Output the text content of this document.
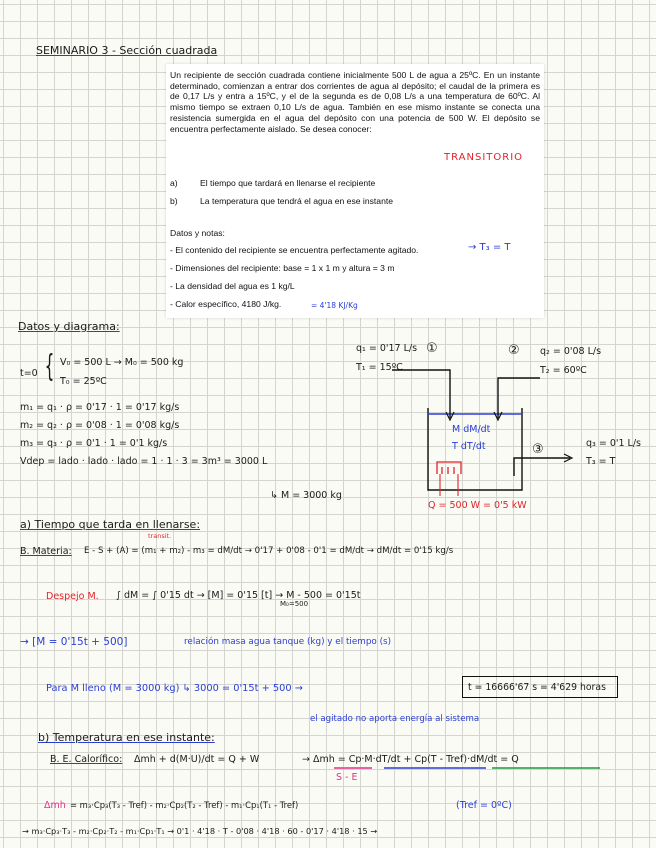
SEMINARIO 3 - Sección cuadrada
Un recipiente de sección cuadrada contiene inicialmente 500 L de agua a 25ºC. En un instante determinado, comienzan a entrar dos corrientes de agua al depósito; el caudal de la primera es de 0,17 L/s y entra a 15ºC, y el de la segunda es de 0,08 L/s a una temperatura de 60ºC. Al mismo tiempo se extraen 0,10 L/s de agua. También en ese mismo instante se conecta una resistencia sumergida en el agua del depósito con una potencia de 500 W. El depósito se encuentra perfectamente aislado. Se desea conocer:
TRANSITORIO
a)	El tiempo que tardará en llenarse el recipiente
b)	La temperatura que tendrá el agua en ese instante
Datos y notas:
- El contenido del recipiente se encuentra perfectamente agitado.
- Dimensiones del recipiente: base = 1 x 1 m y altura = 3 m
- La densidad del agua es 1 kg/L
- Calor específico, 4180 J/kg.
→ T₃ = T
= 4'18 KJ/Kg
Datos y diagrama:
t=0 { V₀ = 500 L → M₀ = 500 kg
T₀ = 25ºC
m₁ = q₁ · ρ = 0'17 · 1 = 0'17 kg/s
m₂ = q₂ · ρ = 0'08 · 1 = 0'08 kg/s
m₃ = q₃ · ρ = 0'1 · 1 = 0'1 kg/s
Vdep = lado · lado · lado = 1 · 1 · 3 = 3m³ = 3000 L
↳ M = 3000 kg
q₁ = 0'17 L/s
T₁ = 15ºC
①	② q₂ = 0'08 L/s
T₂ = 60ºC
M dM/dt
T dT/dt	③	q₃ = 0'1 L/s
T₃ = T
Q = 500 W = 0'5 kW
a) Tiempo que tarda en llenarse:
B. Materia: E - S + (A) = (m₁ + m₂) - m₃ = dM/dt → 0'17 + 0'08 - 0'1 = dM/dt → dM/dt = 0'15 kg/s
transit.
Despejo M. ∫ dM = ∫ 0'15 dt → [M] = 0'15 [t] → M - 500 = 0'15t
M₀=500
→ [M = 0'15t + 500]	relación masa agua tanque (kg) y el tiempo (s)
Para M lleno (M = 3000 kg) ↳ 3000 = 0'15t + 500 →	t = 16666'67 s = 4'629 horas
el agitado no aporta energía al sistema
b) Temperatura en ese instante:
B. E. Calorífico: Δmh + d(M·U)/dt = Q + W	→ Δmh = Cp·M·dT/dt + Cp(T - Tref)·dM/dt = Q
S - E
Δmh = m₃·Cp₃(T₃ - Tref) - m₂·Cp₂(T₂ - Tref) - m₁·Cp₁(T₁ - Tref)	(Tref = 0ºC)
→ m₃·Cp₃·T₃ - m₂·Cp₂·T₂ - m₁·Cp₁·T₁ → 0'1 · 4'18 · T - 0'08 · 4'18 · 60 - 0'17 · 4'18 · 15 →
